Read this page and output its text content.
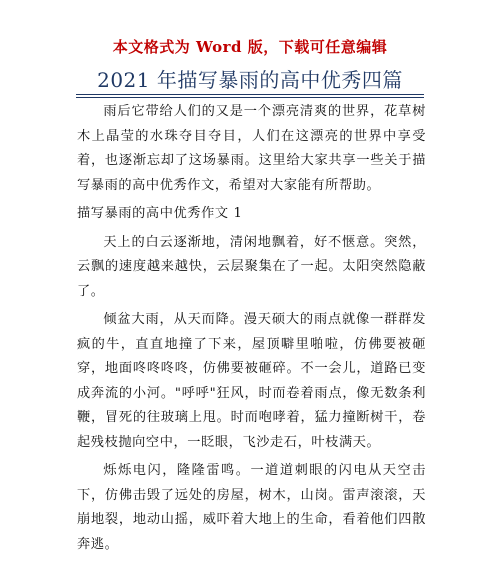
本文格式为 Word 版，下载可任意编辑
2021 年描写暴雨的高中优秀四篇

雨后它带给人们的又是一个漂亮清爽的世界，花草树木上晶莹的水珠夺目夺目，人们在这漂亮的世界中享受着，也逐渐忘却了这场暴雨。这里给大家共享一些关于描写暴雨的高中优秀作文，希望对大家能有所帮助。

描写暴雨的高中优秀作文 1

天上的白云逐渐地，清闲地飘着，好不惬意。突然，云飘的速度越来越快，云层聚集在了一起。太阳突然隐蔽了。

倾盆大雨，从天而降。漫天硕大的雨点就像一群群发疯的牛，直直地撞了下来，屋顶噼里啪啦，仿佛要被砸穿，地面咚咚咚咚，仿佛要被砸碎。不一会儿，道路已变成奔流的小河。"呼呼"狂风，时而卷着雨点，像无数条利鞭，冒死的往玻璃上甩。时而咆哮着，猛力撞断树干，卷起残枝抛向空中，一眨眼，飞沙走石，叶枝满天。

烁烁电闪，隆隆雷鸣。一道道刺眼的闪电从天空击下，仿佛击毁了远处的房屋，树木，山岗。雷声滚滚，天崩地裂，地动山摇，威吓着大地上的生命，看着他们四散奔逃。
